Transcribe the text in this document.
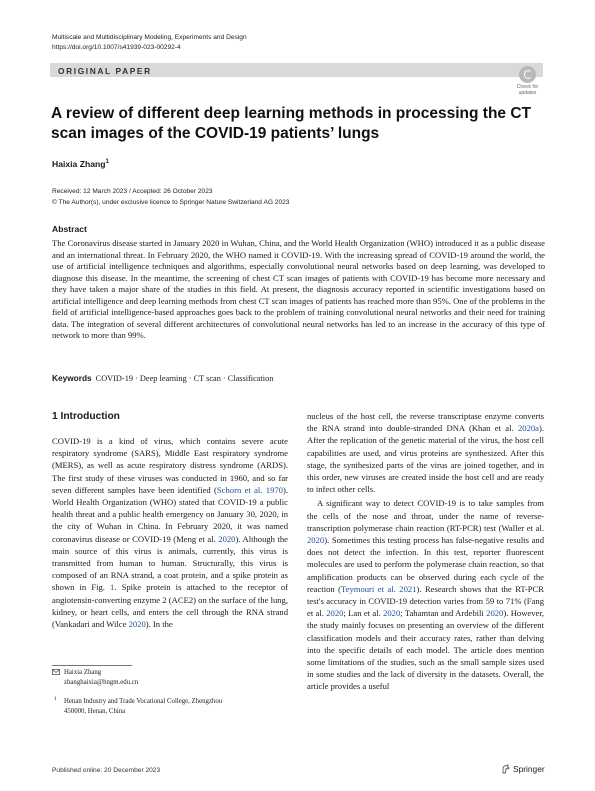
Multiscale and Multidisciplinary Modeling, Experiments and Design
https://doi.org/10.1007/s41939-023-00292-4
ORIGINAL PAPER
Check for
updates
A review of different deep learning methods in processing the CT scan images of the COVID-19 patients’ lungs
Haixia Zhang$^1$
Received: 12 March 2023 / Accepted: 26 October 2023
© The Author(s), under exclusive licence to Springer Nature Switzerland AG 2023
Abstract
The Coronavirus disease started in January 2020 in Wuhan, China, and the World Health Organization (WHO) introduced it as a public disease and an international threat. In February 2020, the WHO named it COVID-19. With the increasing spread of COVID-19 around the world, the use of artificial intelligence techniques and algorithms, especially convolutional neural networks based on deep learning, was developed to diagnose this disease. In the meantime, the screening of chest CT scan images of patients with COVID-19 has become more necessary and they have taken a major share of the studies in this field. At present, the diagnosis accuracy reported in scientific investigations based on artificial intelligence and deep learning methods from chest CT scan images of patients has reached more than 95%. One of the problems in the field of artificial intelligence-based approaches goes back to the problem of training convolutional neural networks and their need for training data. The integration of several different architectures of convolutional neural networks has led to an increase in the accuracy of this type of network to more than 99%.
Keywords COVID-19 · Deep learning · CT scan · Classification
1 Introduction

COVID-19 is a kind of virus, which contains severe acute respiratory syndrome (SARS), Middle East respiratory syndrome (MERS), as well as acute respiratory distress syndrome (ARDS). The first study of these viruses was conducted in 1960, and so far seven different samples have been identified (Schorn et al. 1970). World Health Organization (WHO) stated that COVID-19 a public health threat and a public health emergency on January 30, 2020, in the city of Wuhan in China. In February 2020, it was named coronavirus disease or COVID-19 (Meng et al. 2020). Although the main source of this virus is animals, currently, this virus is transmitted from human to human. Structurally, this virus is composed of an RNA strand, a coat protein, and a spike protein as shown in Fig. 1. Spike protein is attached to the receptor of angiotensin-converting enzyme 2 (ACE2) on the surface of the lung, kidney, or heart cells, and enters the cell through the RNA strand (Vankadari and Wilce 2020). In the

nucleus of the host cell, the reverse transcriptase enzyme converts the RNA strand into double-stranded DNA (Khan et al. 2020a). After the replication of the genetic material of the virus, the host cell capabilities are used, and virus proteins are synthesized. After this stage, the synthesized parts of the virus are joined together, and in this order, new viruses are created inside the host cell and are ready to infect other cells.

A significant way to detect COVID-19 is to take samples from the cells of the nose and throat, under the name of reverse-transcription polymerase chain reaction (RT-PCR) test (Waller et al. 2020). Sometimes this testing process has false-negative results and does not detect the infection. In this test, reporter fluorescent molecules are used to perform the polymerase chain reaction, so that amplification products can be observed during each cycle of the reaction (Teymouri et al. 2021). Research shows that the RT-PCR test's accuracy in COVID-19 detection varies from 59 to 71% (Fang et al. 2020; Lan et al. 2020; Tahamtan and Ardebili 2020). However, the study mainly focuses on presenting an overview of the different classification models and their accuracy rates, rather than delving into the specific details of each model. The article does mention some limitations of the studies, such as the small sample sizes used in some studies and the lack of diversity in the datasets. Overall, the article provides a useful

Haixia Zhang
zhanghaixia@hngm.edu.cn
1 Henan Industry and Trade Vocational College, Zhengzhou 450000, Henan, China
Published online: 20 December 2023	Springer
